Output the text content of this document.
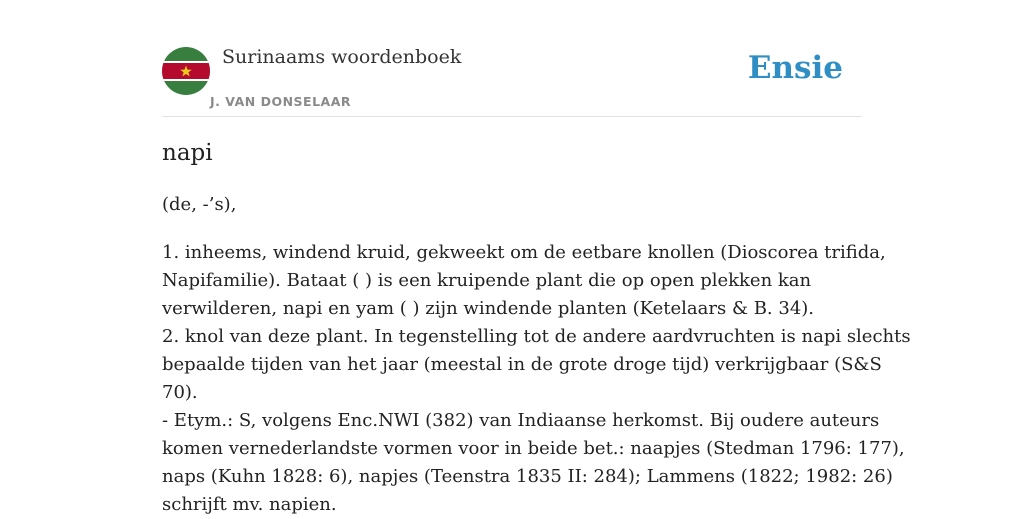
Surinaams woordenboek
J. VAN DONSELAAR
Ensie
napi
(de, -’s),
1. inheems, windend kruid, gekweekt om de eetbare knollen (Dioscorea trifida,
Napifamilie). Bataat ( ) is een kruipende plant die op open plekken kan
verwilderen, napi en yam ( ) zijn windende planten (Ketelaars & B. 34).
2. knol van deze plant. In tegenstelling tot de andere aardvruchten is napi slechts
bepaalde tijden van het jaar (meestal in de grote droge tijd) verkrijgbaar (S&S
70).
- Etym.: S, volgens Enc.NWI (382) van Indiaanse herkomst. Bij oudere auteurs
komen vernederlandste vormen voor in beide bet.: naapjes (Stedman 1796: 177),
naps (Kuhn 1828: 6), napjes (Teenstra 1835 II: 284); Lammens (1822; 1982: 26)
schrijft mv. napien.
